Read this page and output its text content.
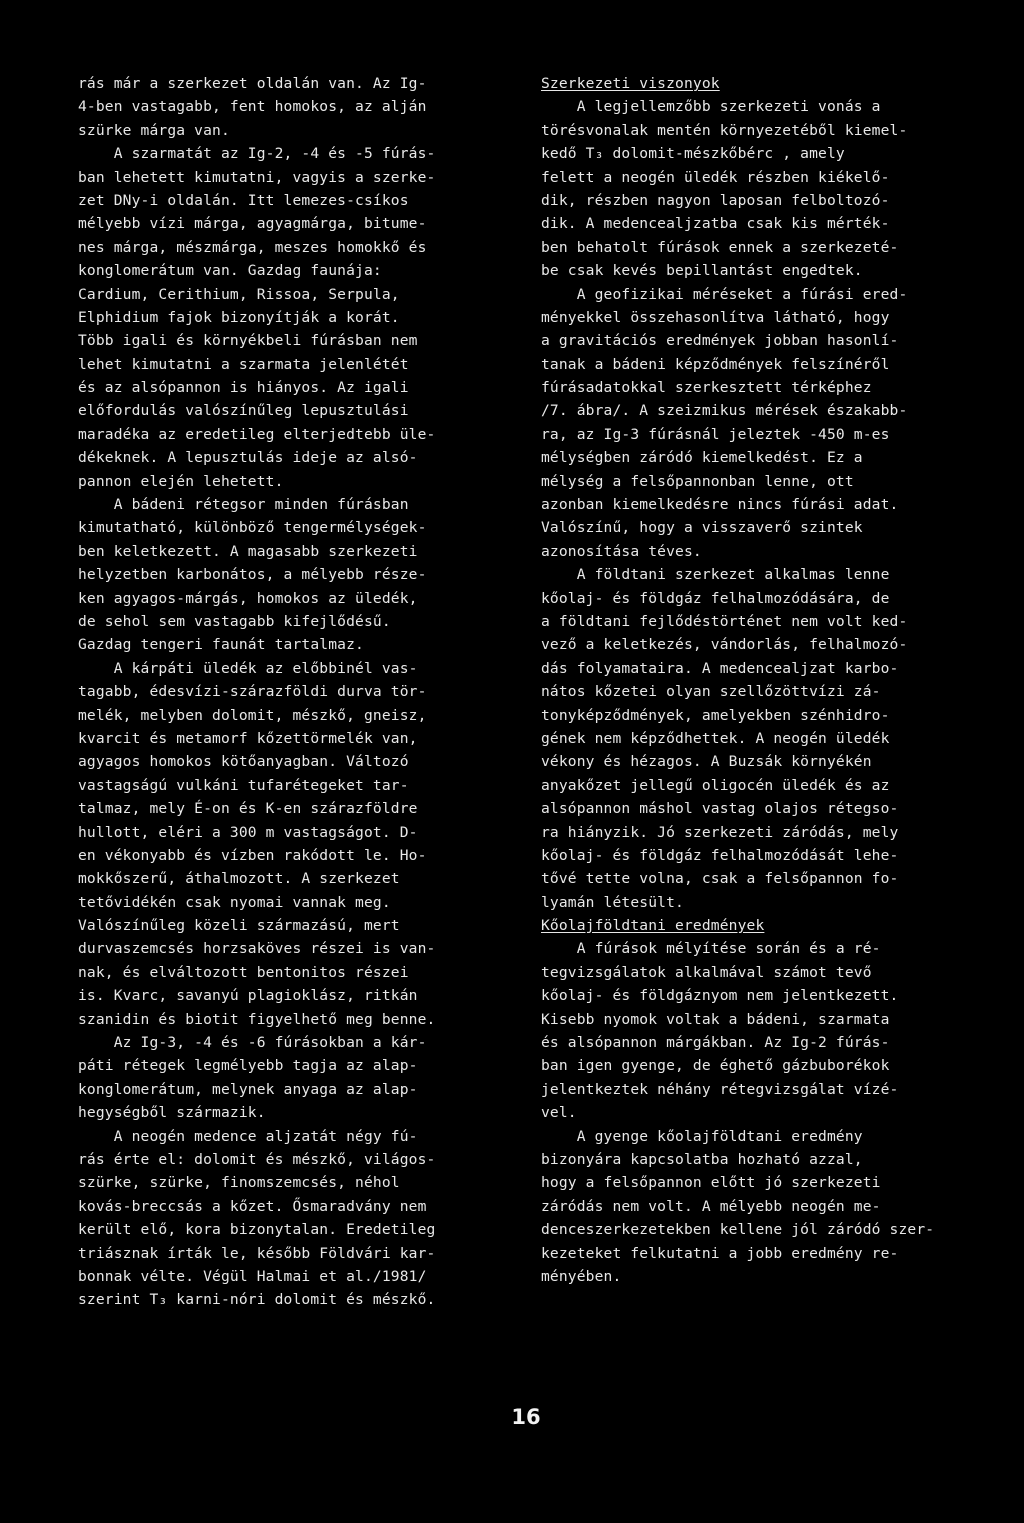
rás már a szerkezet oldalán van. Az Ig-
4-ben vastagabb, fent homokos, az alján
szürke márga van.
A szarmatát az Ig-2, -4 és -5 fúrás-
ban lehetett kimutatni, vagyis a szerke-
zet DNy-i oldalán. Itt lemezes-csíkos
mélyebb vízi márga, agyagmárga, bitume-
nes márga, mészmárga, meszes homokkő és
konglomerátum van. Gazdag faunája:
Cardium, Cerithium, Rissoa, Serpula,
Elphidium fajok bizonyítják a korát.
Több igali és környékbeli fúrásban nem
lehet kimutatni a szarmata jelenlétét
és az alsópannon is hiányos. Az igali
előfordulás valószínűleg lepusztulási
maradéka az eredetileg elterjedtebb üle-
dékeknek. A lepusztulás ideje az alsó-
pannon elején lehetett.
A bádeni rétegsor minden fúrásban
kimutatható, különböző tengermélységek-
ben keletkezett. A magasabb szerkezeti
helyzetben karbonátos, a mélyebb része-
ken agyagos-márgás, homokos az üledék,
de sehol sem vastagabb kifejlődésű.
Gazdag tengeri faunát tartalmaz.
A kárpáti üledék az előbbinél vas-
tagabb, édesvízi-szárazföldi durva tör-
melék, melyben dolomit, mészkő, gneisz,
kvarcit és metamorf kőzettörmelék van,
agyagos homokos kötőanyagban. Változó
vastagságú vulkáni tufarétegeket tar-
talmaz, mely É-on és K-en szárazföldre
hullott, eléri a 300 m vastagságot. D-
en vékonyabb és vízben rakódott le. Ho-
mokkőszerű, áthalmozott. A szerkezet
tetővidékén csak nyomai vannak meg.
Valószínűleg közeli származású, mert
durvaszemcsés horzsaköves részei is van-
nak, és elváltozott bentonitos részei
is. Kvarc, savanyú plagioklász, ritkán
szanidin és biotit figyelhető meg benne.
Az Ig-3, -4 és -6 fúrásokban a kár-
páti rétegek legmélyebb tagja az alap-
konglomerátum, melynek anyaga az alap-
hegységből származik.
A neogén medence aljzatát négy fú-
rás érte el: dolomit és mészkő, világos-
szürke, szürke, finomszemcsés, néhol
kovás-breccsás a kőzet. Ősmaradvány nem
került elő, kora bizonytalan. Eredetileg
triásznak írták le, később Földvári kar-
bonnak vélte. Végül Halmai et al./1981/
szerint T₃ karni-nóri dolomit és mészkő.
Szerkezeti viszonyok
A legjellemzőbb szerkezeti vonás a
törésvonalak mentén környezetéből kiemel-
kedő T₃ dolomit-mészkőbérc , amely
felett a neogén üledék részben kiékelő-
dik, részben nagyon laposan felboltozó-
dik. A medencealjzatba csak kis mérték-
ben behatolt fúrások ennek a szerkezeté-
be csak kevés bepillantást engedtek.
A geofizikai méréseket a fúrási ered-
ményekkel összehasonlítva látható, hogy
a gravitációs eredmények jobban hasonlí-
tanak a bádeni képződmények felszínéről
fúrásadatokkal szerkesztett térképhez
/7. ábra/. A szeizmikus mérések északabb-
ra, az Ig-3 fúrásnál jeleztek -450 m-es
mélységben záródó kiemelkedést. Ez a
mélység a felsőpannonban lenne, ott
azonban kiemelkedésre nincs fúrási adat.
Valószínű, hogy a visszaverő szintek
azonosítása téves.
A földtani szerkezet alkalmas lenne
kőolaj- és földgáz felhalmozódására, de
a földtani fejlődéstörténet nem volt ked-
vező a keletkezés, vándorlás, felhalmozó-
dás folyamataira. A medencealjzat karbo-
nátos kőzetei olyan szellőzöttvízi zá-
tonyképződmények, amelyekben szénhidro-
gének nem képződhettek. A neogén üledék
vékony és hézagos. A Buzsák környékén
anyakőzet jellegű oligocén üledék és az
alsópannon máshol vastag olajos rétegso-
ra hiányzik. Jó szerkezeti záródás, mely
kőolaj- és földgáz felhalmozódását lehe-
tővé tette volna, csak a felsőpannon fo-
lyamán létesült.
Kőolajföldtani eredmények
A fúrások mélyítése során és a ré-
tegvizsgálatok alkalmával számot tevő
kőolaj- és földgáznyom nem jelentkezett.
Kisebb nyomok voltak a bádeni, szarmata
és alsópannon márgákban. Az Ig-2 fúrás-
ban igen gyenge, de éghető gázbuborékok
jelentkeztek néhány rétegvizsgálat vízé-
vel.
A gyenge kőolajföldtani eredmény
bizonyára kapcsolatba hozható azzal,
hogy a felsőpannon előtt jó szerkezeti
záródás nem volt. A mélyebb neogén me-
denceszerkezetekben kellene jól záródó szer-
kezeteket felkutatni a jobb eredmény re-
ményében.
16
